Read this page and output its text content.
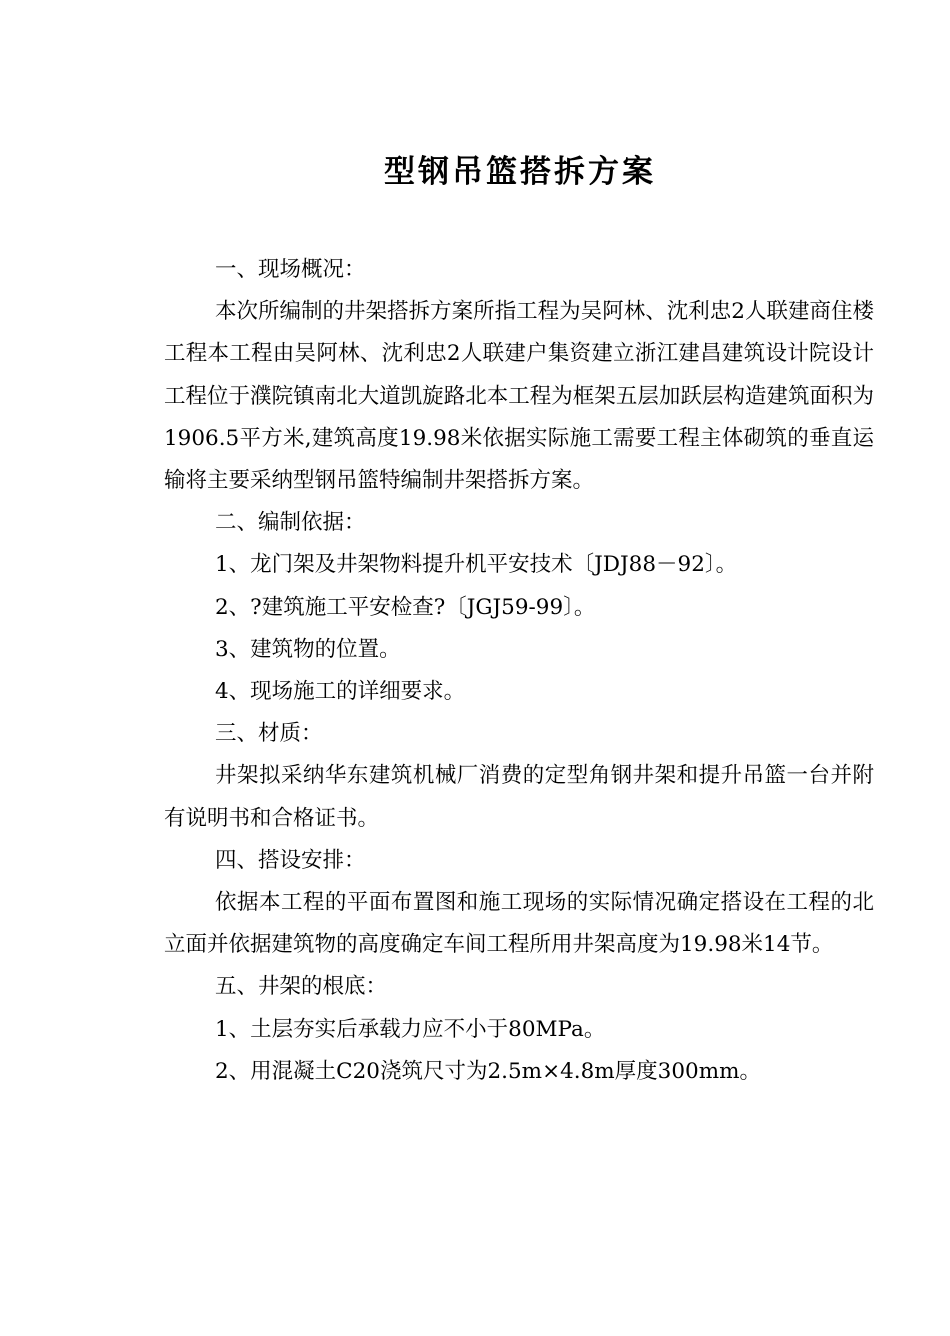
型钢吊篮搭拆方案

一、现场概况：

本次所编制的井架搭拆方案所指工程为吴阿林、沈利忠2人联建商住楼工程本工程由吴阿林、沈利忠2人联建户集资建立浙江建昌建筑设计院设计工程位于濮院镇南北大道凯旋路北本工程为框架五层加跃层构造建筑面积为1906.5平方米,建筑高度19.98米依据实际施工需要工程主体砌筑的垂直运输将主要采纳型钢吊篮特编制井架搭拆方案。

二、编制依据：

1、龙门架及井架物料提升机平安技术〔JDJ88－92〕。

2、?建筑施工平安检查?〔JGJ59-99〕。

3、建筑物的位置。

4、现场施工的详细要求。

三、材质：

井架拟采纳华东建筑机械厂消费的定型角钢井架和提升吊篮一台并附有说明书和合格证书。

四、搭设安排：

依据本工程的平面布置图和施工现场的实际情况确定搭设在工程的北立面并依据建筑物的高度确定车间工程所用井架高度为19.98米14节。

五、井架的根底：

1、土层夯实后承载力应不小于80MPa。

2、用混凝土C20浇筑尺寸为2.5m×4.8m厚度300mm。
